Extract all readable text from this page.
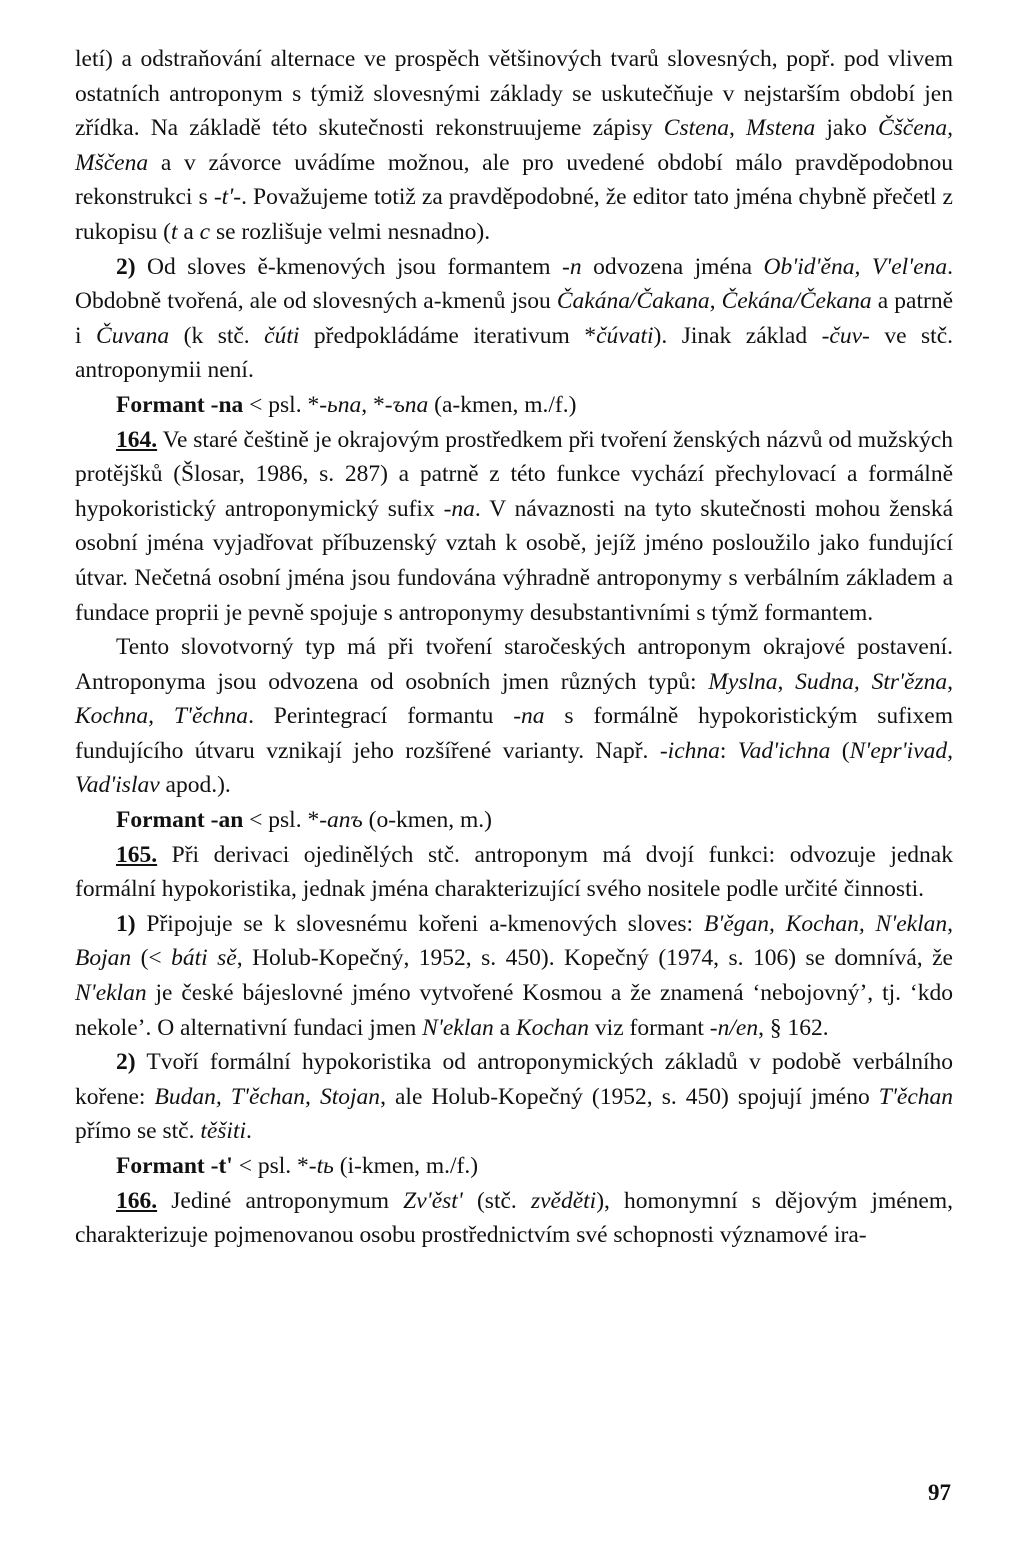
letí) a odstraňování alternace ve prospěch většinových tvarů slovesných, popř. pod vlivem ostatních antroponym s týmiž slovesnými základy se uskutečňuje v nejstarším období jen zřídka. Na základě této skutečnosti rekonstruujeme zápisy Cstena, Mstena jako Čščena, Mščena a v závorce uvádíme možnou, ale pro uvedené období málo pravděpodobnou rekonstrukci s -t'-. Považujeme totiž za pravděpodobné, že editor tato jména chybně přečetl z rukopisu (t a c se rozlišuje velmi nesnadno).

2) Od sloves ě-kmenových jsou formantem -n odvozena jména Ob'id'ěna, V'el'ena. Obdobně tvořená, ale od slovesných a-kmenů jsou Čakána/Čakana, Čekána/Čekana a patrně i Čuvana (k stč. čúti předpokládáme iterativum *čúvati). Jinak základ -čuv- ve stč. antroponymii není.

Formant -na < psl. *-ьna, *-ъna (a-kmen, m./f.)

164. Ve staré češtině je okrajovým prostředkem při tvoření ženských názvů od mužských protějšků (Šlosar, 1986, s. 287) a patrně z této funkce vychází přechylovací a formálně hypokoristický antroponymický sufix -na. V návaznosti na tyto skutečnosti mohou ženská osobní jména vyjadřovat příbuzenský vztah k osobě, jejíž jméno posloužilo jako fundující útvar. Nečetná osobní jména jsou fundována výhradně antroponymy s verbálním základem a fundace proprii je pevně spojuje s antroponymy desubstantivními s týmž formantem.

Tento slovotvorný typ má při tvoření staročeských antroponym okrajové postavení. Antroponyma jsou odvozena od osobních jmen různých typů: Myslna, Sudna, Str'ězna, Kochna, T'ěchna. Perintegrací formantu -na s formálně hypokoristickým sufixem fundujícího útvaru vznikají jeho rozšířené varianty. Např. -ichna: Vad'ichna (N'epr'ivad, Vad'islav apod.).

Formant -an < psl. *-anъ (o-kmen, m.)

165. Při derivaci ojedinělých stč. antroponym má dvojí funkci: odvozuje jednak formální hypokoristika, jednak jména charakterizující svého nositele podle určité činnosti.

1) Připojuje se k slovesnému kořeni a-kmenových sloves: B'ěgan, Kochan, N'eklan, Bojan (< báti sě, Holub-Kopečný, 1952, s. 450). Kopečný (1974, s. 106) se domnívá, že N'eklan je české bájeslovné jméno vytvořené Kosmou a že znamená ‘nebojovný’, tj. ‘kdo nekole’. O alternativní fundaci jmen N'eklan a Kochan viz formant -n/en, § 162.

2) Tvoří formální hypokoristika od antroponymických základů v podobě verbálního kořene: Budan, T'ěchan, Stojan, ale Holub-Kopečný (1952, s. 450) spojují jméno T'ěchan přímo se stč. těšiti.

Formant -t' < psl. *-tь (i-kmen, m./f.)

166. Jediné antroponymum Zv'ěst' (stč. zvěděti), homonymní s dějovým jménem, charakterizuje pojmenovanou osobu prostřednictvím své schopnosti významové ira-

97
